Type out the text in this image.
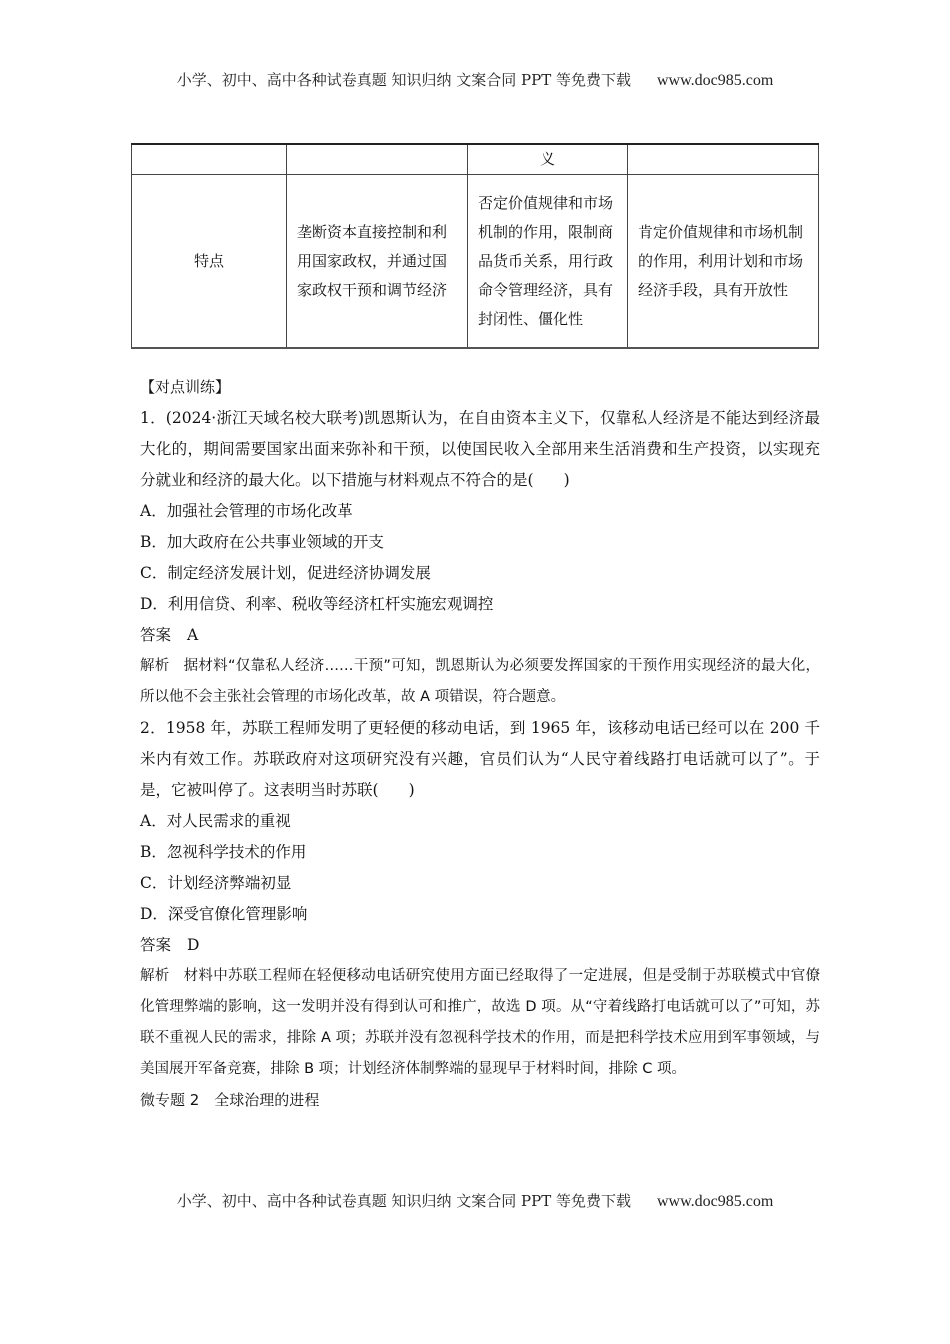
小学、初中、高中各种试卷真题 知识归纳 文案合同 PPT 等免费下载 www.doc985.com
		义	
特点	垄断资本直接控制和利用国家政权，并通过国家政权干预和调节经济	否定价值规律和市场机制的作用，限制商品货币关系，用行政命令管理经济，具有封闭性、僵化性	肯定价值规律和市场机制的作用，利用计划和市场经济手段，具有开放性
【对点训练】
1．(2024·浙江天域名校大联考)凯恩斯认为，在自由资本主义下，仅靠私人经济是不能达到经济最大化的，期间需要国家出面来弥补和干预，以使国民收入全部用来生活消费和生产投资，以实现充分就业和经济的最大化。以下措施与材料观点不符合的是( )
A．加强社会管理的市场化改革
B．加大政府在公共事业领域的开支
C．制定经济发展计划，促进经济协调发展
D．利用信贷、利率、税收等经济杠杆实施宏观调控
答案 A
解析 据材料“仅靠私人经济……干预”可知，凯恩斯认为必须要发挥国家的干预作用实现经济的最大化，所以他不会主张社会管理的市场化改革，故 A 项错误，符合题意。
2．1958 年，苏联工程师发明了更轻便的移动电话，到 1965 年，该移动电话已经可以在 200 千米内有效工作。苏联政府对这项研究没有兴趣，官员们认为“人民守着线路打电话就可以了”。于是，它被叫停了。这表明当时苏联( )
A．对人民需求的重视
B．忽视科学技术的作用
C．计划经济弊端初显
D．深受官僚化管理影响
答案 D
解析 材料中苏联工程师在轻便移动电话研究使用方面已经取得了一定进展，但是受制于苏联模式中官僚化管理弊端的影响，这一发明并没有得到认可和推广，故选 D 项。从“守着线路打电话就可以了”可知，苏联不重视人民的需求，排除 A 项；苏联并没有忽视科学技术的作用，而是把科学技术应用到军事领域，与美国展开军备竞赛，排除 B 项；计划经济体制弊端的显现早于材料时间，排除 C 项。
微专题 2　全球治理的进程
小学、初中、高中各种试卷真题 知识归纳 文案合同 PPT 等免费下载 www.doc985.com
